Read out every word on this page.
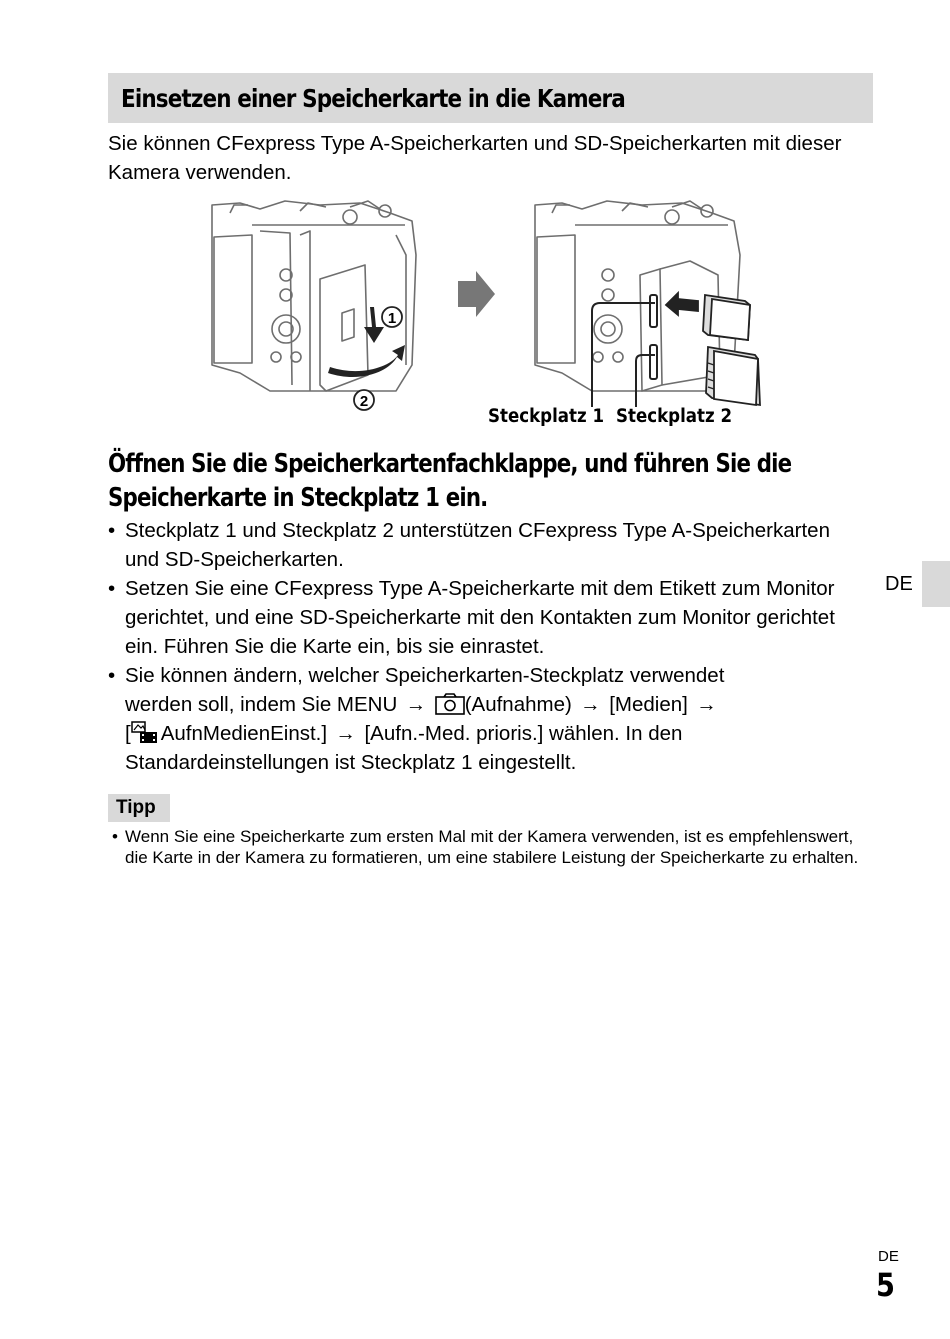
Einsetzen einer Speicherkarte in die Kamera

Sie können CFexpress Type A-Speicherkarten und SD-Speicherkarten mit dieser Kamera verwenden.

1
2
Steckplatz 1 Steckplatz 2
Öffnen Sie die Speicherkartenfachklappe, und führen Sie die Speicherkarte in Steckplatz 1 ein.
• Steckplatz 1 und Steckplatz 2 unterstützen CFexpress Type A-Speicherkarten und SD-Speicherkarten.
• Setzen Sie eine CFexpress Type A-Speicherkarte mit dem Etikett zum Monitor gerichtet, und eine SD-Speicherkarte mit den Kontakten zum Monitor gerichtet ein. Führen Sie die Karte ein, bis sie einrastet.
• Sie können ändern, welcher Speicherkarten-Steckplatz verwendet
werden soll, indem Sie MENU → (Aufnahme) → [Medien] →
[ AufnMedienEinst.] → [Aufn.-Med. prioris.] wählen. In den
Standardeinstellungen ist Steckplatz 1 eingestellt.
DE
Tipp
• Wenn Sie eine Speicherkarte zum ersten Mal mit der Kamera verwenden, ist es empfehlenswert, die Karte in der Kamera zu formatieren, um eine stabilere Leistung der Speicherkarte zu erhalten.
DE
5
